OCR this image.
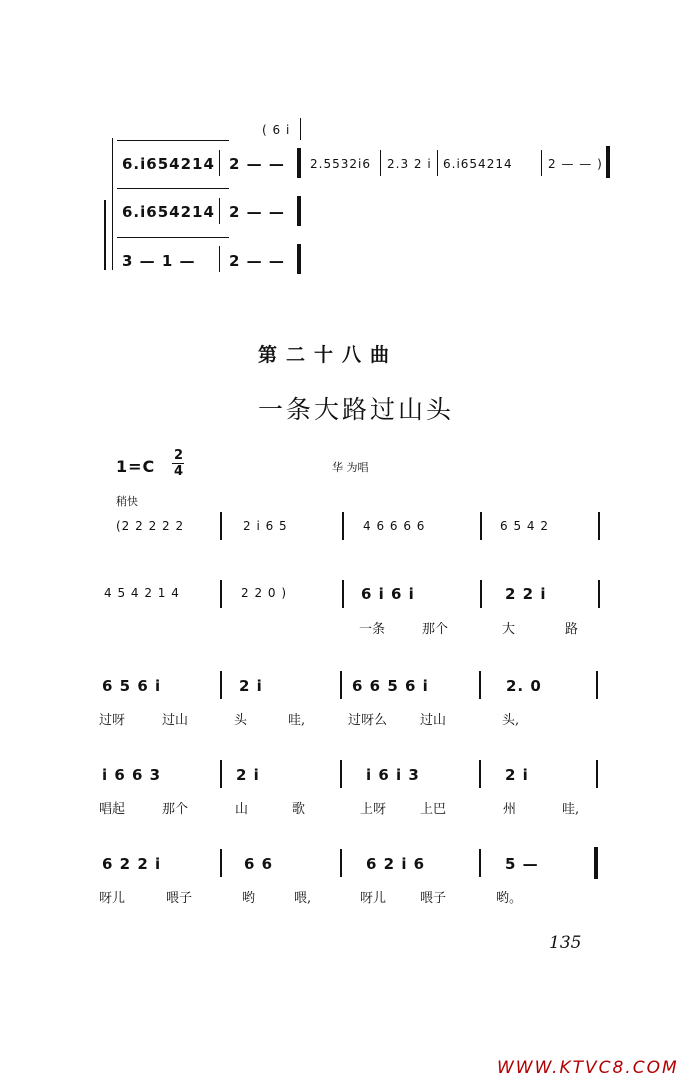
( 6 i
6.i654214 2 — — 2.5532i6 2.3 2 i 6.i654214	2 — — )
6.i654214 2 — —
3 — 1 — 2 — —
第二十八曲
一条大路过山头
1=C
2
4	华 为唱
稍快
(2 2 2 2 2	2 i 6 5	4 6 6 6 6	6 5 4 2
4 5 4 2 1 4	2 2 0 )	6 i 6 i	2 2 i
一条	那个	大	路
6 5 6 i	2 i	6 6 5 6 i	2. 0
过呀	过山	头	哇,	过呀么	过山	头,
i 6 6 3	2 i	i 6 i 3	2 i
唱起	那个	山	歌	上呀	上巴	州	哇,
6 2 2 i	6 6	6 2 i 6	5 —
呀儿	喂子	哟	喂,	呀儿	喂子	哟。
135
WWW.KTVC8.COM
